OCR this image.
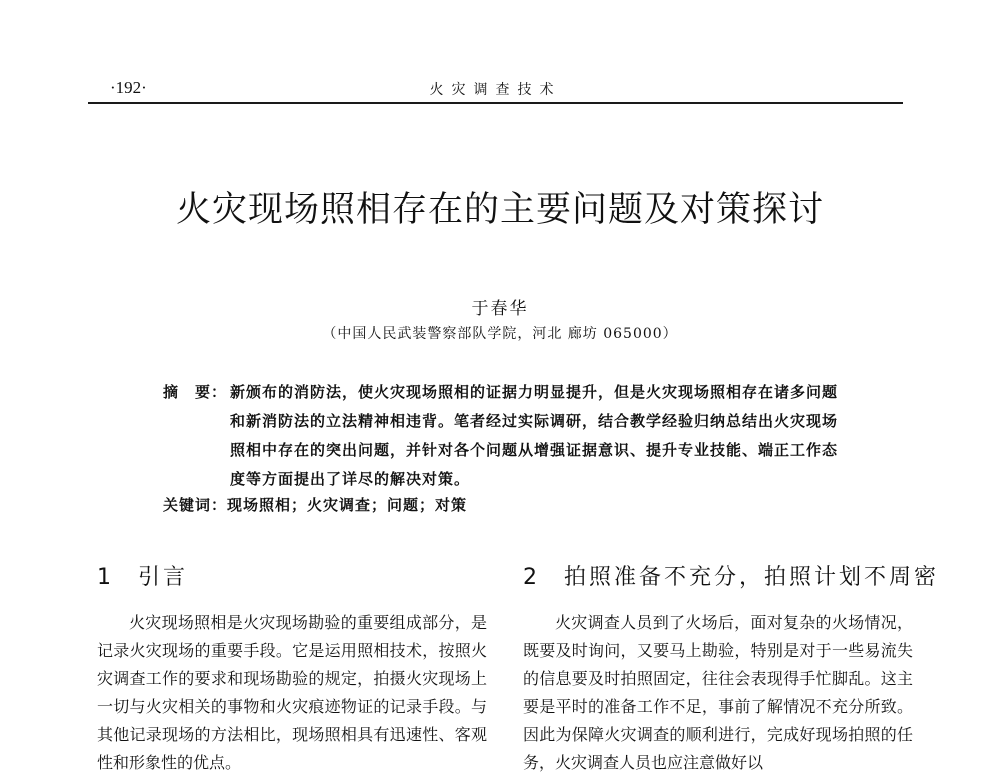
·192·	火灾调查技术
火灾现场照相存在的主要问题及对策探讨
于春华
（中国人民武装警察部队学院，河北 廊坊 065000）
摘　要： 新颁布的消防法，使火灾现场照相的证据力明显提升，但是火灾现场照相存在诸多问题和新消防法的立法精神相违背。笔者经过实际调研，结合教学经验归纳总结出火灾现场照相中存在的突出问题，并针对各个问题从增强证据意识、提升专业技能、端正工作态度等方面提出了详尽的解决对策。
关键词：现场照相；火灾调查；问题；对策
1 引言

火灾现场照相是火灾现场勘验的重要组成部分，是记录火灾现场的重要手段。它是运用照相技术，按照火灾调查工作的要求和现场勘验的规定，拍摄火灾现场上一切与火灾相关的事物和火灾痕迹物证的记录手段。与其他记录现场的方法相比，现场照相具有迅速性、客观性和形象性的优点。

2 拍照准备不充分，拍照计划不周密

火灾调查人员到了火场后，面对复杂的火场情况，既要及时询问，又要马上勘验，特别是对于一些易流失的信息要及时拍照固定，往往会表现得手忙脚乱。这主要是平时的准备工作不足，事前了解情况不充分所致。因此为保障火灾调查的顺利进行，完成好现场拍照的任务，火灾调查人员也应注意做好以
